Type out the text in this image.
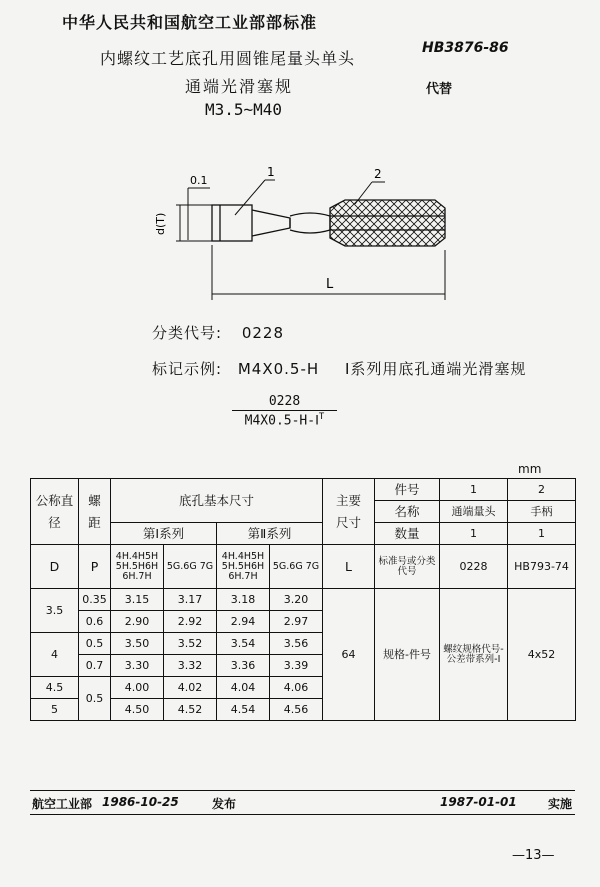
中华人民共和国航空工业部部标准
内螺纹工艺底孔用圆锥尾量头单头
通端光滑塞规
M3.5~M40
HB3876-86
代替
0.1
1	2
d(T)
L
分类代号: 0228
标记示例: M4X0.5-H Ⅰ系列用底孔通端光滑塞规
$\frac{0228}{M4X0.5-H-Ⅰ^T}$
mm
公称直径	螺距	底孔基本尺寸				主要尺寸	件号	1	2
							名称	通端量头	手柄
		第Ⅰ系列		第Ⅱ系列			数量	1	1
D	P	4H.4H5H 5H.5H6H 6H.7H	5G.6G 7G	4H.4H5H 5H.5H6H 6H.7H	5G.6G 7G	L	标准号或分类代号	0228	HB793-74
3.5	0.35	3.15	3.17	3.18	3.20	64	规格-件号	螺纹规格代号-公差带系列-Ⅰ	4x52
	0.6	2.90	2.92	2.94	2.97				
4	0.5	3.50	3.52	3.54	3.56				
	0.7	3.30	3.32	3.36	3.39				
4.5	0.5	4.00	4.02	4.04	4.06				
5		4.50	4.52	4.54	4.56				
航空工业部 1986-10-25	发布	1987-01-01	实施
—13—
